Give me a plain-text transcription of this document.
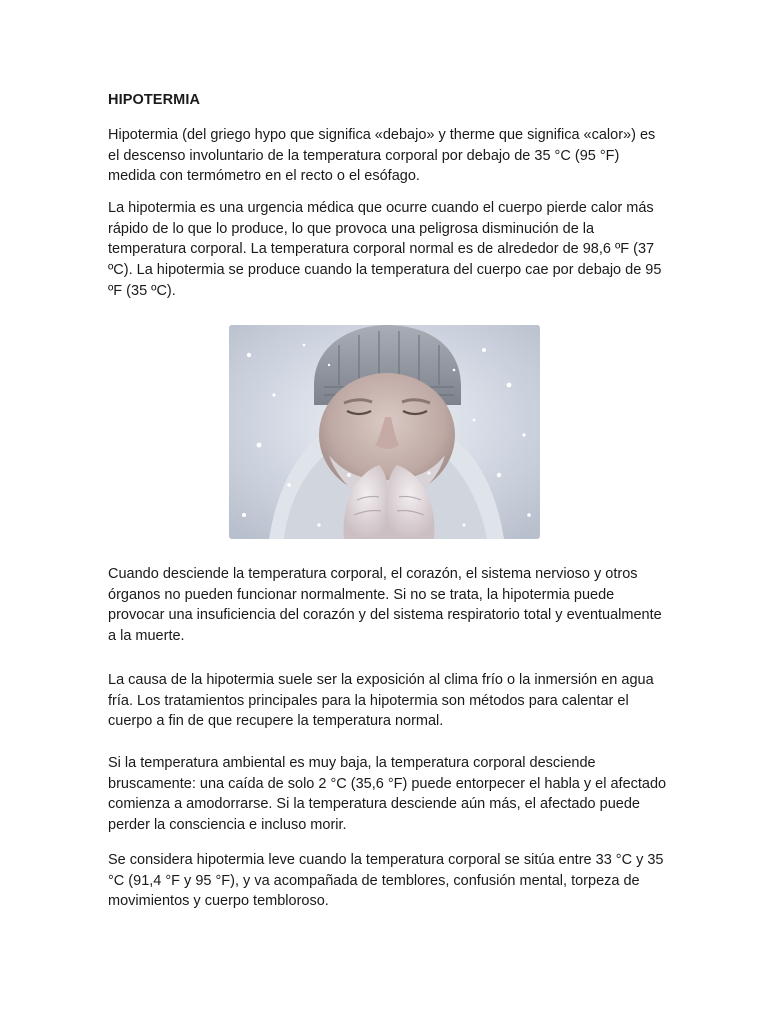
HIPOTERMIA

Hipotermia (del griego hypo que significa «debajo» y therme que significa «calor») es el descenso involuntario de la temperatura corporal por debajo de 35 °C (95 °F) medida con termómetro en el recto o el esófago.

La hipotermia es una urgencia médica que ocurre cuando el cuerpo pierde calor más rápido de lo que lo produce, lo que provoca una peligrosa disminución de la temperatura corporal. La temperatura corporal normal es de alrededor de 98,6 ºF (37 ºC). La hipotermia se produce cuando la temperatura del cuerpo cae por debajo de 95 ºF (35 ºC).

Cuando desciende la temperatura corporal, el corazón, el sistema nervioso y otros órganos no pueden funcionar normalmente. Si no se trata, la hipotermia puede provocar una insuficiencia del corazón y del sistema respiratorio total y eventualmente a la muerte.

La causa de la hipotermia suele ser la exposición al clima frío o la inmersión en agua fría. Los tratamientos principales para la hipotermia son métodos para calentar el cuerpo a fin de que recupere la temperatura normal.

Si la temperatura ambiental es muy baja, la temperatura corporal desciende bruscamente: una caída de solo 2 °C (35,6 °F) puede entorpecer el habla y el afectado comienza a amodorrarse. Si la temperatura desciende aún más, el afectado puede perder la consciencia e incluso morir.

Se considera hipotermia leve cuando la temperatura corporal se sitúa entre 33 °C y 35 °C (91,4 °F y 95 °F), y va acompañada de temblores, confusión mental, torpeza de movimientos y cuerpo tembloroso.
